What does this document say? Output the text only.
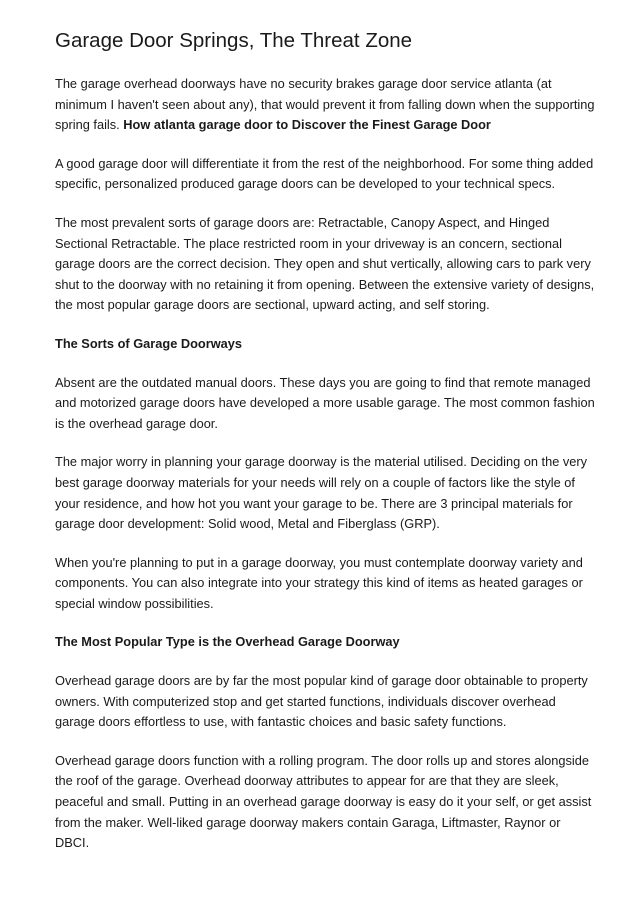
Garage Door Springs, The Threat Zone

The garage overhead doorways have no security brakes garage door service atlanta (at minimum I haven't seen about any), that would prevent it from falling down when the supporting spring fails. How atlanta garage door to Discover the Finest Garage Door

A good garage door will differentiate it from the rest of the neighborhood. For some thing added specific, personalized produced garage doors can be developed to your technical specs.

The most prevalent sorts of garage doors are: Retractable, Canopy Aspect, and Hinged Sectional Retractable. The place restricted room in your driveway is an concern, sectional garage doors are the correct decision. They open and shut vertically, allowing cars to park very shut to the doorway with no retaining it from opening. Between the extensive variety of designs, the most popular garage doors are sectional, upward acting, and self storing.

The Sorts of Garage Doorways

Absent are the outdated manual doors. These days you are going to find that remote managed and motorized garage doors have developed a more usable garage. The most common fashion is the overhead garage door.

The major worry in planning your garage doorway is the material utilised. Deciding on the very best garage doorway materials for your needs will rely on a couple of factors like the style of your residence, and how hot you want your garage to be. There are 3 principal materials for garage door development: Solid wood, Metal and Fiberglass (GRP).

When you're planning to put in a garage doorway, you must contemplate doorway variety and components. You can also integrate into your strategy this kind of items as heated garages or special window possibilities.

The Most Popular Type is the Overhead Garage Doorway

Overhead garage doors are by far the most popular kind of garage door obtainable to property owners. With computerized stop and get started functions, individuals discover overhead garage doors effortless to use, with fantastic choices and basic safety functions.

Overhead garage doors function with a rolling program. The door rolls up and stores alongside the roof of the garage. Overhead doorway attributes to appear for are that they are sleek, peaceful and small. Putting in an overhead garage doorway is easy do it your self, or get assist from the maker. Well-liked garage doorway makers contain Garaga, Liftmaster, Raynor or DBCI.
